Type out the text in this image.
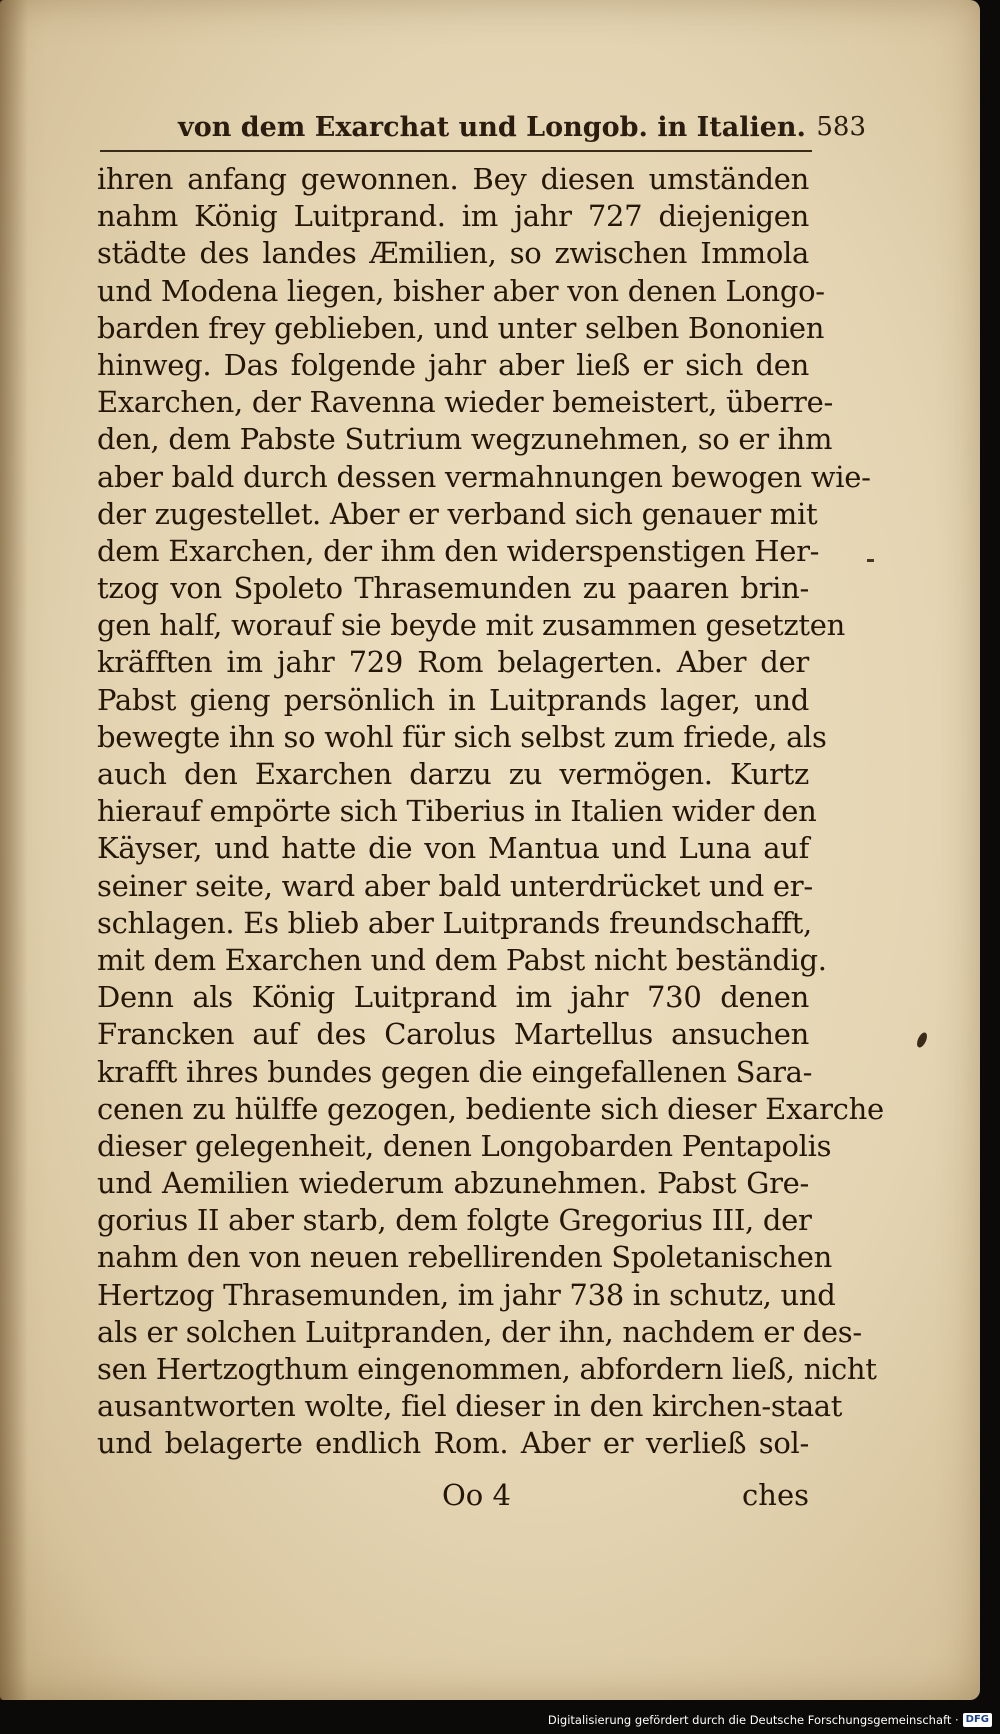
von dem Exarchat und Longob. in Italien. 583
ihren anfang gewonnen. Bey diesen umständen
nahm König Luitprand. im jahr 727 diejenigen
städte des landes Æmilien, so zwischen Immola
und Modena liegen, bisher aber von denen Longo-
barden frey geblieben, und unter selben Bononien
hinweg. Das folgende jahr aber ließ er sich den
Exarchen, der Ravenna wieder bemeistert, überre-
den, dem Pabste Sutrium wegzunehmen, so er ihm
aber bald durch dessen vermahnungen bewogen wie-
der zugestellet. Aber er verband sich genauer mit
dem Exarchen, der ihm den widerspenstigen Her-
tzog von Spoleto Thrasemunden zu paaren brin-
gen half, worauf sie beyde mit zusammen gesetzten
kräfften im jahr 729 Rom belagerten. Aber der
Pabst gieng persönlich in Luitprands lager, und
bewegte ihn so wohl für sich selbst zum friede, als
auch den Exarchen darzu zu vermögen. Kurtz
hierauf empörte sich Tiberius in Italien wider den
Käyser, und hatte die von Mantua und Luna auf
seiner seite, ward aber bald unterdrücket und er-
schlagen. Es blieb aber Luitprands freundschafft,
mit dem Exarchen und dem Pabst nicht beständig.
Denn als König Luitprand im jahr 730 denen
Francken auf des Carolus Martellus ansuchen
krafft ihres bundes gegen die eingefallenen Sara-
cenen zu hülffe gezogen, bediente sich dieser Exarche
dieser gelegenheit, denen Longobarden Pentapolis
und Aemilien wiederum abzunehmen. Pabst Gre-
gorius II aber starb, dem folgte Gregorius III, der
nahm den von neuen rebellirenden Spoletanischen
Hertzog Thrasemunden, im jahr 738 in schutz, und
als er solchen Luitpranden, der ihn, nachdem er des-
sen Hertzogthum eingenommen, abfordern ließ, nicht
ausantworten wolte, fiel dieser in den kirchen-staat
und belagerte endlich Rom. Aber er verließ sol-
Oo 4	ches
Digitalisierung gefördert durch die Deutsche Forschungsgemeinschaft · DFG
